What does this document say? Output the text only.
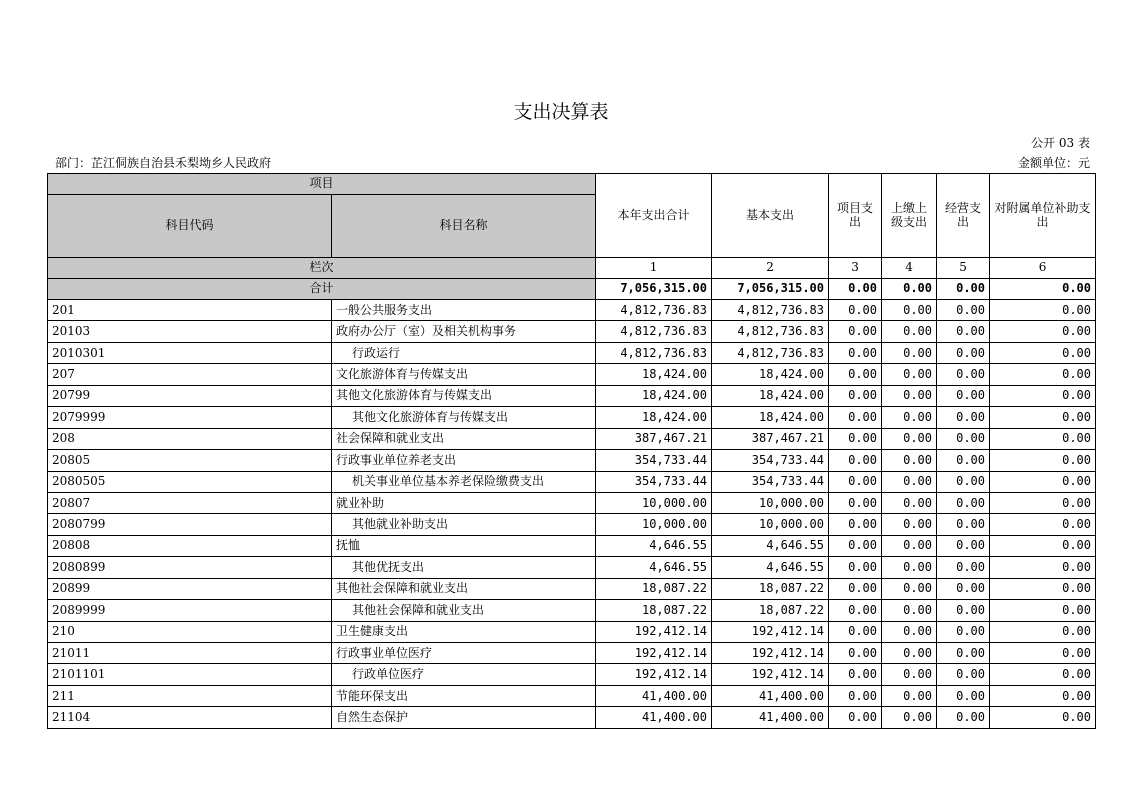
支出决算表
公开 03 表
部门：芷江侗族自治县禾梨坳乡人民政府	金额单位：元
项目		本年支出合计	基本支出	项目支出	上缴上级支出	经营支出	对附属单位补助支出
科目代码	科目名称						
栏次		1	2	3	4	5	6
合计		7,056,315.00	7,056,315.00	0.00	0.00	0.00	0.00
201	一般公共服务支出	4,812,736.83	4,812,736.83	0.00	0.00	0.00	0.00
20103	政府办公厅（室）及相关机构事务	4,812,736.83	4,812,736.83	0.00	0.00	0.00	0.00
2010301	行政运行	4,812,736.83	4,812,736.83	0.00	0.00	0.00	0.00
207	文化旅游体育与传媒支出	18,424.00	18,424.00	0.00	0.00	0.00	0.00
20799	其他文化旅游体育与传媒支出	18,424.00	18,424.00	0.00	0.00	0.00	0.00
2079999	其他文化旅游体育与传媒支出	18,424.00	18,424.00	0.00	0.00	0.00	0.00
208	社会保障和就业支出	387,467.21	387,467.21	0.00	0.00	0.00	0.00
20805	行政事业单位养老支出	354,733.44	354,733.44	0.00	0.00	0.00	0.00
2080505	机关事业单位基本养老保险缴费支出	354,733.44	354,733.44	0.00	0.00	0.00	0.00
20807	就业补助	10,000.00	10,000.00	0.00	0.00	0.00	0.00
2080799	其他就业补助支出	10,000.00	10,000.00	0.00	0.00	0.00	0.00
20808	抚恤	4,646.55	4,646.55	0.00	0.00	0.00	0.00
2080899	其他优抚支出	4,646.55	4,646.55	0.00	0.00	0.00	0.00
20899	其他社会保障和就业支出	18,087.22	18,087.22	0.00	0.00	0.00	0.00
2089999	其他社会保障和就业支出	18,087.22	18,087.22	0.00	0.00	0.00	0.00
210	卫生健康支出	192,412.14	192,412.14	0.00	0.00	0.00	0.00
21011	行政事业单位医疗	192,412.14	192,412.14	0.00	0.00	0.00	0.00
2101101	行政单位医疗	192,412.14	192,412.14	0.00	0.00	0.00	0.00
211	节能环保支出	41,400.00	41,400.00	0.00	0.00	0.00	0.00
21104	自然生态保护	41,400.00	41,400.00	0.00	0.00	0.00	0.00
